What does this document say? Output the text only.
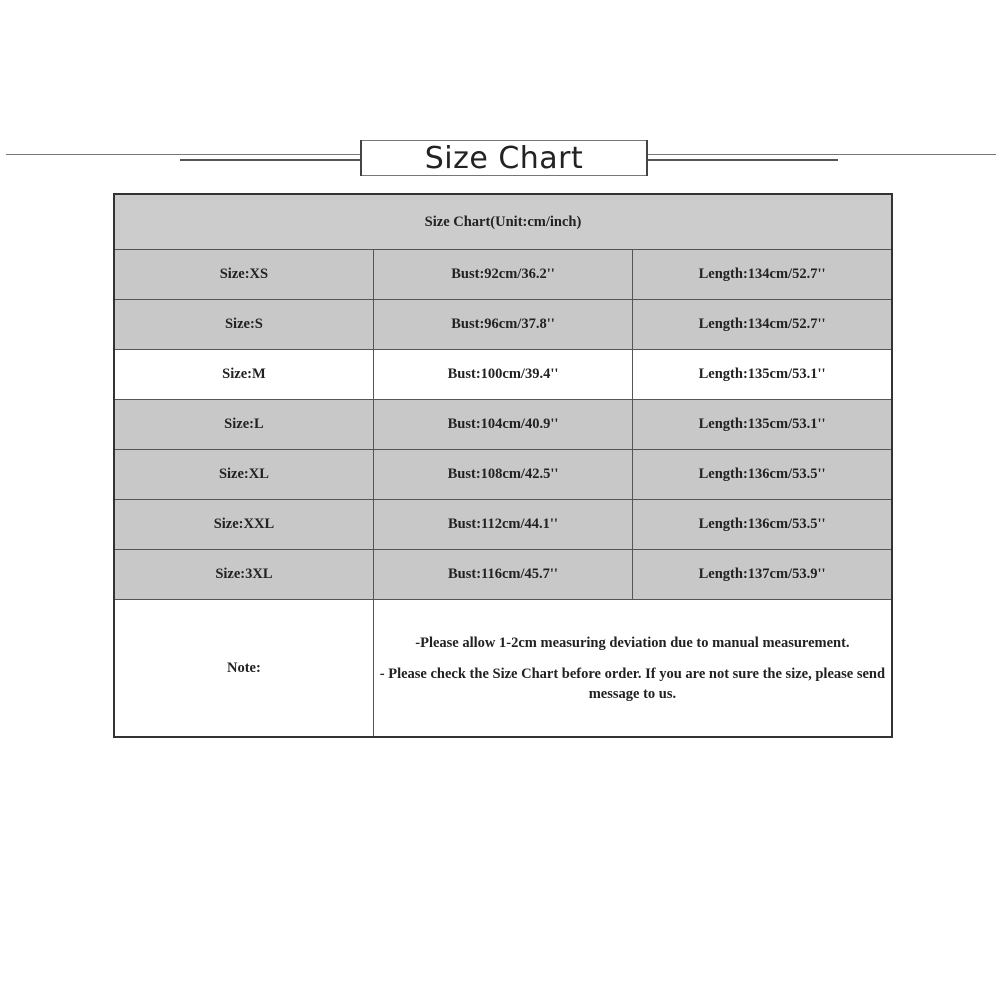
Size Chart
Size Chart(Unit:cm/inch)		
Size:XS	Bust:92cm/36.2''	Length:134cm/52.7''
Size:S	Bust:96cm/37.8''	Length:134cm/52.7''
Size:M	Bust:100cm/39.4''	Length:135cm/53.1''
Size:L	Bust:104cm/40.9''	Length:135cm/53.1''
Size:XL	Bust:108cm/42.5''	Length:136cm/53.5''
Size:XXL	Bust:112cm/44.1''	Length:136cm/53.5''
Size:3XL	Bust:116cm/45.7''	Length:137cm/53.9''
Note:	-Please allow 1-2cm measuring deviation due to manual measurement.
- Please check the Size Chart before order. If you are not sure the size, please send message to us.	
